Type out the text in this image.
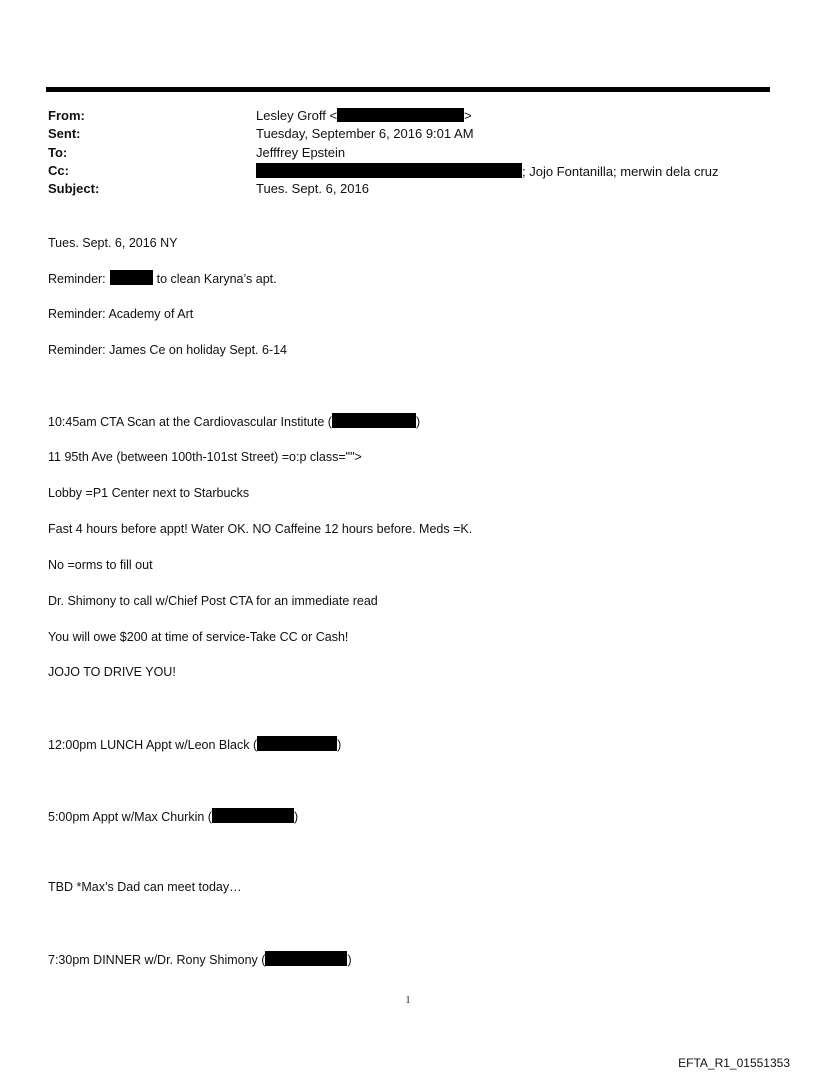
From:	Lesley Groff <	>
Sent:	Tuesday, September 6, 2016 9:01 AM
To:	Jefffrey Epstein
Cc:	; Jojo Fontanilla; merwin dela cruz
Subject:	Tues. Sept. 6, 2016
Tues. Sept. 6, 2016 NY
Reminder:	to clean Karyna’s apt.
Reminder: Academy of Art
Reminder: James Ce on holiday Sept. 6-14
10:45am CTA Scan at the Cardiovascular Institute (	)
11 95th Ave (between 100th-101st Street) =o:p class="">
Lobby =P1 Center next to Starbucks
Fast 4 hours before appt! Water OK. NO Caffeine 12 hours before. Meds =K.
No =orms to fill out
Dr. Shimony to call w/Chief Post CTA for an immediate read
You will owe $200 at time of service-Take CC or Cash!
JOJO TO DRIVE YOU!
12:00pm LUNCH Appt w/Leon Black (	)
5:00pm Appt w/Max Churkin (	)
TBD *Max’s Dad can meet today…
7:30pm DINNER w/Dr. Rony Shimony (	)
1
EFTA_R1_01551353
